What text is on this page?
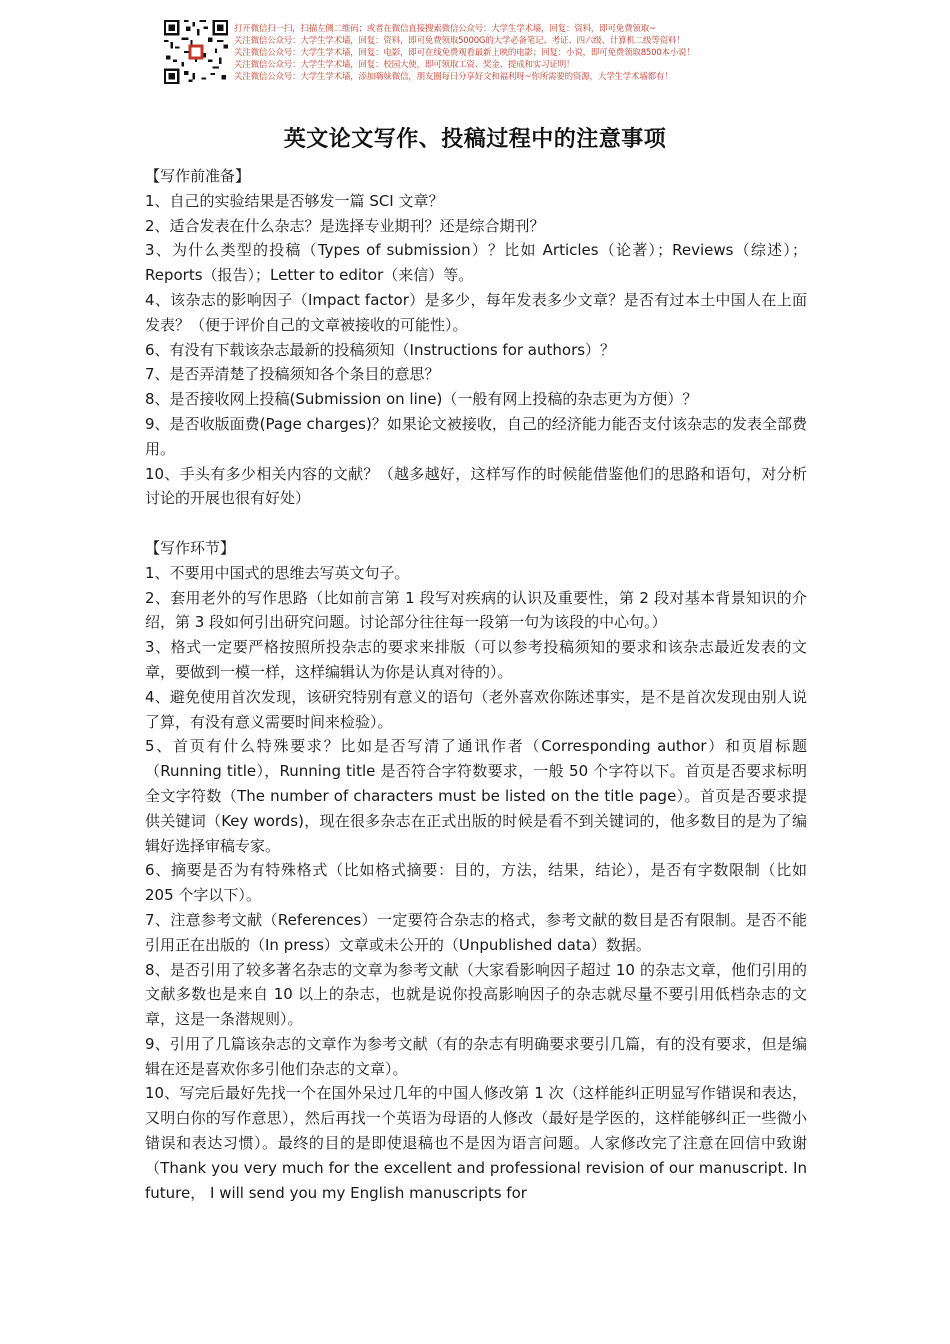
打开微信扫一扫，扫描左侧二维码；或者在微信直接搜索微信公众号：大学生学术墙，回复：资料，即可免费领取~
关注微信公众号：大学生学术墙，回复：资料，即可免费领取5000G的大学必备笔记、考证、四六级、计算机二级等资料！
关注微信公众号：大学生学术墙，回复：电影，即可在线免费观看最新上映的电影；回复：小说，即可免费领取8500本小说！
关注微信公众号：大学生学术墙，回复：校园大使，即可领取工资、奖金、提成和实习证明！
关注微信公众号：大学生学术墙，添加嗨妹微信，朋友圈每日分享好文和福利呀~你所需要的资源，大学生学术墙都有！
英文论文写作、投稿过程中的注意事项

【写作前准备】

1、自己的实验结果是否够发一篇 SCI 文章？

2、适合发表在什么杂志？是选择专业期刊？还是综合期刊？

3、为什么类型的投稿（Types of submission）？比如 Articles（论著）；Reviews（综述）；Reports（报告）；Letter to editor（来信）等。

4、该杂志的影响因子（Impact factor）是多少，每年发表多少文章？是否有过本土中国人在上面发表？（便于评价自己的文章被接收的可能性）。

6、有没有下载该杂志最新的投稿须知（Instructions for authors）？

7、是否弄清楚了投稿须知各个条目的意思？

8、是否接收网上投稿(Submission on line)（一般有网上投稿的杂志更为方便）？

9、是否收版面费(Page charges)？如果论文被接收，自己的经济能力能否支付该杂志的发表全部费用。

10、手头有多少相关内容的文献？（越多越好，这样写作的时候能借鉴他们的思路和语句，对分析讨论的开展也很有好处）

【写作环节】

1、不要用中国式的思维去写英文句子。

2、套用老外的写作思路（比如前言第 1 段写对疾病的认识及重要性，第 2 段对基本背景知识的介绍，第 3 段如何引出研究问题。讨论部分往往每一段第一句为该段的中心句。）

3、格式一定要严格按照所投杂志的要求来排版（可以参考投稿须知的要求和该杂志最近发表的文章，要做到一模一样，这样编辑认为你是认真对待的）。

4、避免使用首次发现，该研究特别有意义的语句（老外喜欢你陈述事实，是不是首次发现由别人说了算，有没有意义需要时间来检验）。

5、首页有什么特殊要求？比如是否写清了通讯作者（Corresponding author）和页眉标题（Running title），Running title 是否符合字符数要求，一般 50 个字符以下。首页是否要求标明全文字符数（The number of characters must be listed on the title page）。首页是否要求提供关键词（Key words)，现在很多杂志在正式出版的时候是看不到关键词的，他多数目的是为了编辑好选择审稿专家。

6、摘要是否为有特殊格式（比如格式摘要：目的，方法，结果，结论），是否有字数限制（比如 205 个字以下）。

7、注意参考文献（References）一定要符合杂志的格式，参考文献的数目是否有限制。是否不能引用正在出版的（In press）文章或未公开的（Unpublished data）数据。

8、是否引用了较多著名杂志的文章为参考文献（大家看影响因子超过 10 的杂志文章，他们引用的文献多数也是来自 10 以上的杂志，也就是说你投高影响因子的杂志就尽量不要引用低档杂志的文章，这是一条潜规则）。

9、引用了几篇该杂志的文章作为参考文献（有的杂志有明确要求要引几篇，有的没有要求，但是编辑在还是喜欢你多引他们杂志的文章）。

10、写完后最好先找一个在国外呆过几年的中国人修改第 1 次（这样能纠正明显写作错误和表达，又明白你的写作意思），然后再找一个英语为母语的人修改（最好是学医的，这样能够纠正一些微小错误和表达习惯）。最终的目的是即使退稿也不是因为语言问题。人家修改完了注意在回信中致谢（Thank you very much for the excellent and professional revision of our manuscript. In future， I will send you my English manuscripts for
